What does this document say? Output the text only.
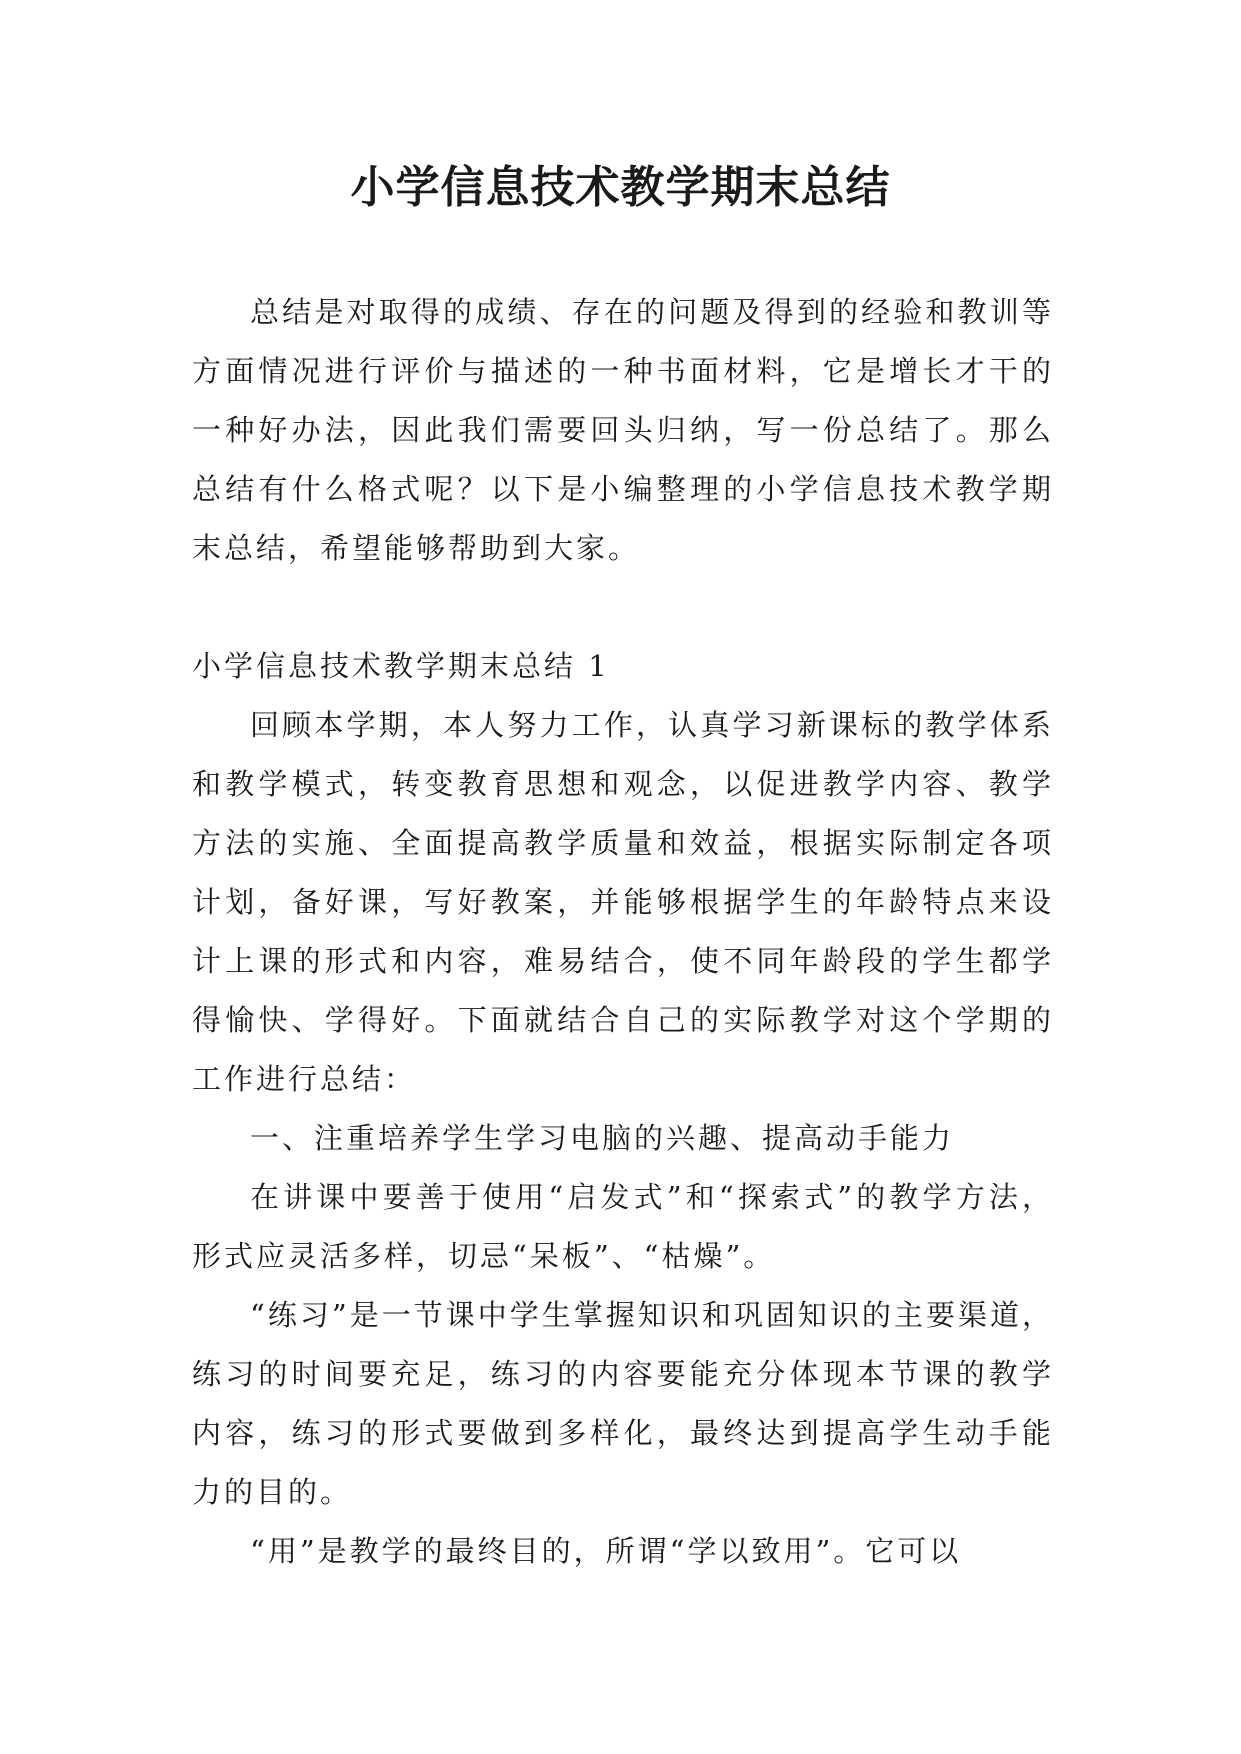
小学信息技术教学期末总结

总结是对取得的成绩、存在的问题及得到的经验和教训等方面情况进行评价与描述的一种书面材料，它是增长才干的一种好办法，因此我们需要回头归纳，写一份总结了。那么总结有什么格式呢？以下是小编整理的小学信息技术教学期末总结，希望能够帮助到大家。

小学信息技术教学期末总结 1

回顾本学期，本人努力工作，认真学习新课标的教学体系和教学模式，转变教育思想和观念，以促进教学内容、教学方法的实施、全面提高教学质量和效益，根据实际制定各项计划，备好课，写好教案，并能够根据学生的年龄特点来设计上课的形式和内容，难易结合，使不同年龄段的学生都学得愉快、学得好。下面就结合自己的实际教学对这个学期的工作进行总结：

一、注重培养学生学习电脑的兴趣、提高动手能力

在讲课中要善于使用“启发式”和“探索式”的教学方法，形式应灵活多样，切忌“呆板”、“枯燥”。

“练习”是一节课中学生掌握知识和巩固知识的主要渠道，练习的时间要充足，练习的内容要能充分体现本节课的教学内容，练习的形式要做到多样化，最终达到提高学生动手能力的目的。

“用”是教学的最终目的，所谓“学以致用”。它可以
